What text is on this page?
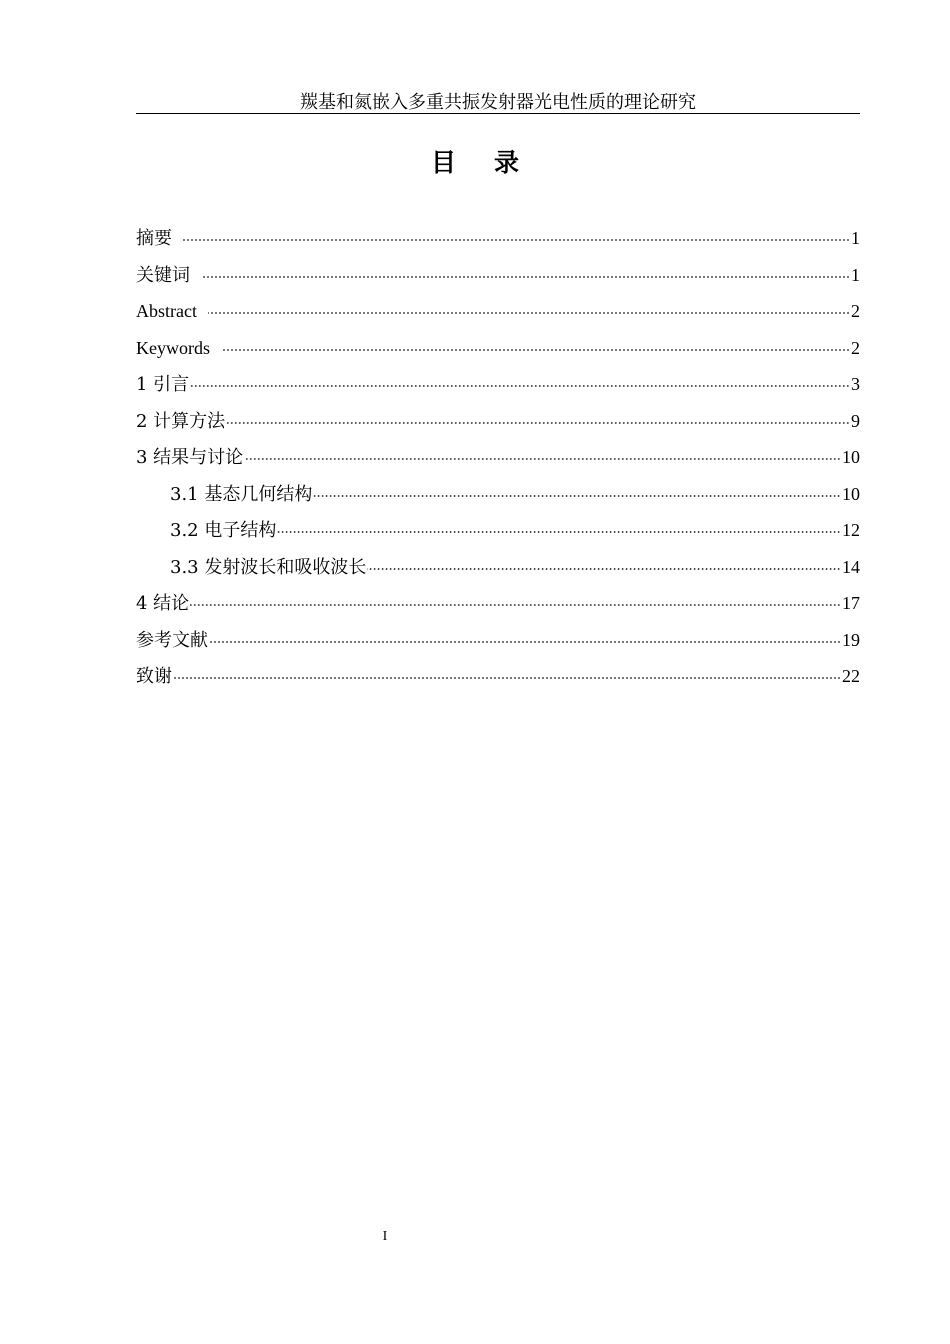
羰基和氮嵌入多重共振发射器光电性质的理论研究
目录
摘要	1
关键词	1
Abstract	2
Keywords	2
1 引言	3
2 计算方法	9
3 结果与讨论	10
3.1 基态几何结构	10
3.2 电子结构	12
3.3 发射波长和吸收波长	14
4 结论	17
参考文献	19
致谢	22
I
